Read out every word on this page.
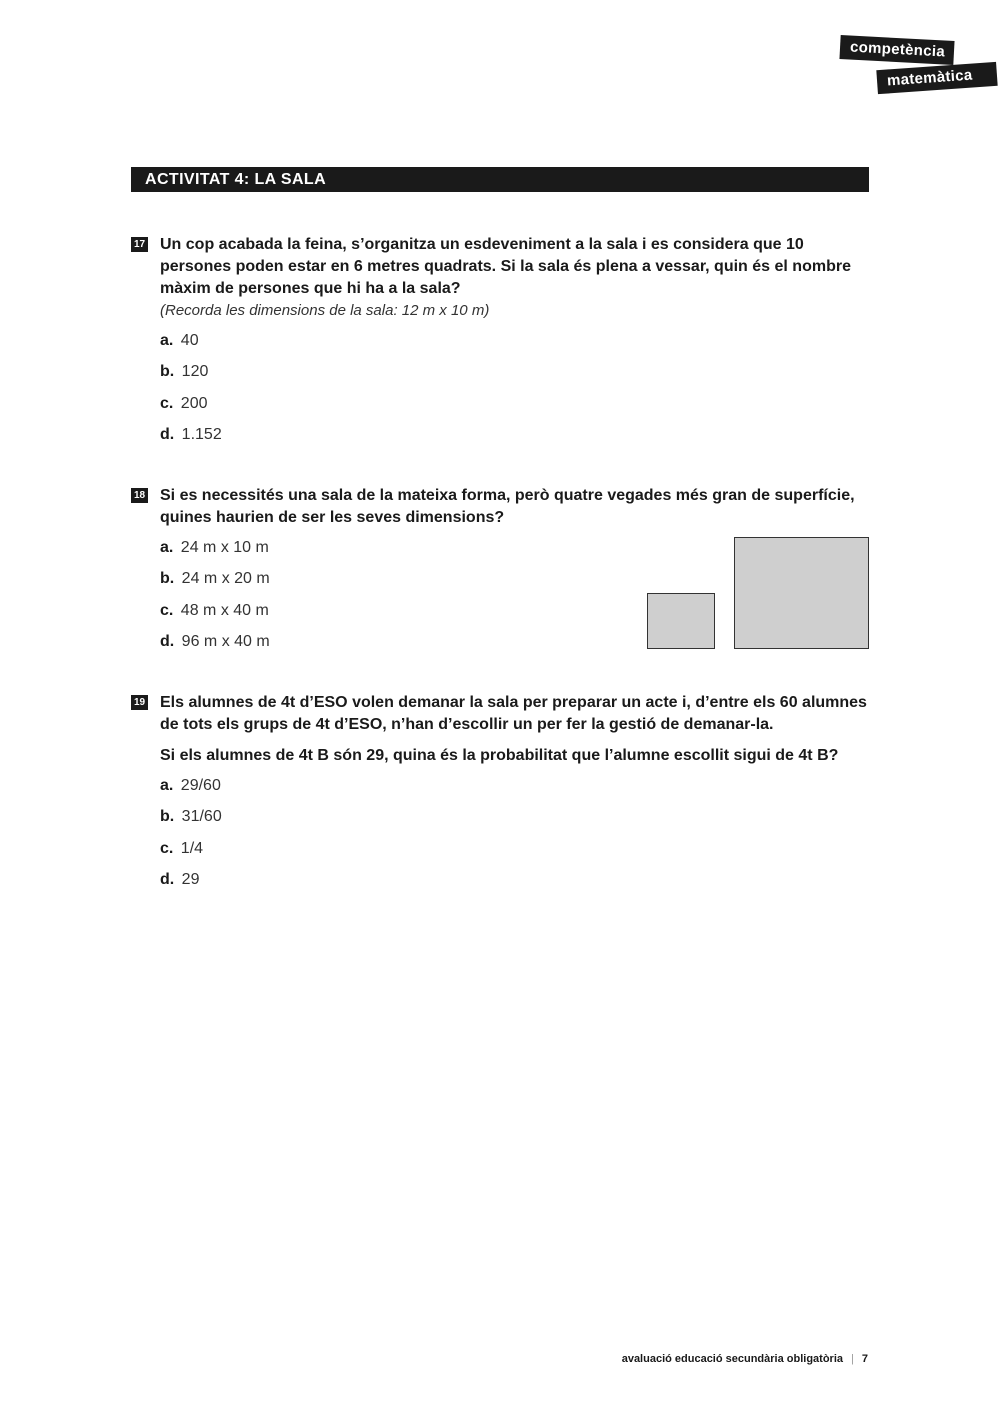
competència
matemàtica
ACTIVITAT 4: LA SALA
17 Un cop acabada la feina, s’organitza un esdeveniment a la sala i es considera que 10 persones poden estar en 6 metres quadrats. Si la sala és plena a vessar, quin és el nombre màxim de persones que hi ha a la sala?
(Recorda les dimensions de la sala: 12 m x 10 m)
a. 40
b. 120
c. 200
d. 1.152
18 Si es necessités una sala de la mateixa forma, però quatre vegades més gran de superfície, quines haurien de ser les seves dimensions?
a. 24 m x 10 m
b. 24 m x 20 m
c. 48 m x 40 m
d. 96 m x 40 m
19 Els alumnes de 4t d’ESO volen demanar la sala per preparar un acte i, d’entre els 60 alumnes de tots els grups de 4t d’ESO, n’han d’escollir un per fer la gestió de demanar-la.
Si els alumnes de 4t B són 29, quina és la probabilitat que l’alumne escollit sigui de 4t B?
a. 29/60
b. 31/60
c. 1/4
d. 29
avaluació educació secundària obligatòria | 7
